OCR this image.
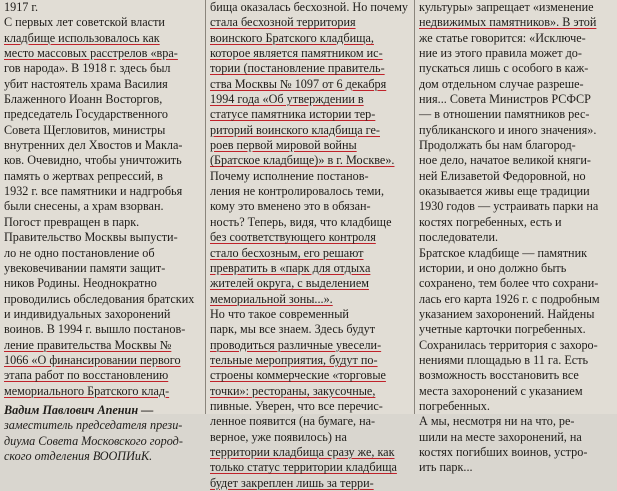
1917 г.
С первых лет советской власти
кладбище использовалось как
место массовых расстрелов «вра-
гов народа». В 1918 г. здесь был
убит настоятель храма Василия
Блаженного Иоанн Восторгов,
председатель Государственного
Совета Щегловитов, министры
внутренних дел Хвостов и Макла-
ков. Очевидно, чтобы уничтожить
память о жертвах репрессий, в
1932 г. все памятники и надгробья
были снесены, а храм взорван.
Погост превращен в парк.
Правительство Москвы выпусти-
ло не одно постановление об
увековечивании памяти защит-
ников Родины. Неоднократно
проводились обследования братских
и индивидуальных захоронений
воинов. В 1994 г. вышло постанов-
ление правительства Москвы №
1066 «О финансировании первого
этапа работ по восстановлению
мемориального Братского клад-
Вадим Павлович Апенин —
заместитель председателя прези-
диума Совета Московского город-
ского отделения ВООПИиК.
бища оказалась бесхозной. Но почему
стала бесхозной территория
воинского Братского кладбища,
которое является памятником ис-
тории (постановление правитель-
ства Москвы № 1097 от 6 декабря
1994 года «Об утверждении в
статусе памятника истории тер-
риторий воинского кладбища ге-
роев первой мировой войны
(Братское кладбище)» в г. Москве».
Почему исполнение постанов-
ления не контролировалось теми,
кому это вменено это в обязан-
ность? Теперь, видя, что кладбище
без соответствующего контроля
стало бесхозным, его решают
превратить в «парк для отдыха
жителей округа, с выделением
мемориальной зоны...».
Но что такое современный
парк, мы все знаем. Здесь будут
проводиться различные увесели-
тельные мероприятия, будут по-
строены коммерческие «торговые
точки»: рестораны, закусочные,
пивные. Уверен, что все перечис-
ленное появится (на бумаге, на-
верное, уже появилось) на
территории кладбища сразу же, как
только статус территории кладбища
будет закреплен лишь за терри-
культуры» запрещает «изменение
недвижимых памятников». В этой
же статье говорится: «Исключе-
ние из этого правила может до-
пускаться лишь с особого в каж-
дом отдельном случае разреше-
ния... Совета Министров РСФСР
— в отношении памятников рес-
публиканского и иного значения».
Продолжать бы нам благород-
ное дело, начатое великой княги-
ней Елизаветой Федоровной, но
оказывается живы еще традиции
1930 годов — устраивать парки на
костях погребенных, есть и
последователи.
Братское кладбище — памятник
истории, и оно должно быть
сохранено, тем более что сохрани-
лась его карта 1926 г. с подробным
указанием захоронений. Найдены
учетные карточки погребенных.
Сохранилась территория с захоро-
нениями площадью в 11 га. Есть
возможность восстановить все
места захоронений с указанием
погребенных.
А мы, несмотря ни на что, ре-
шили на месте захоронений, на
костях погибших воинов, устро-
ить парк...
